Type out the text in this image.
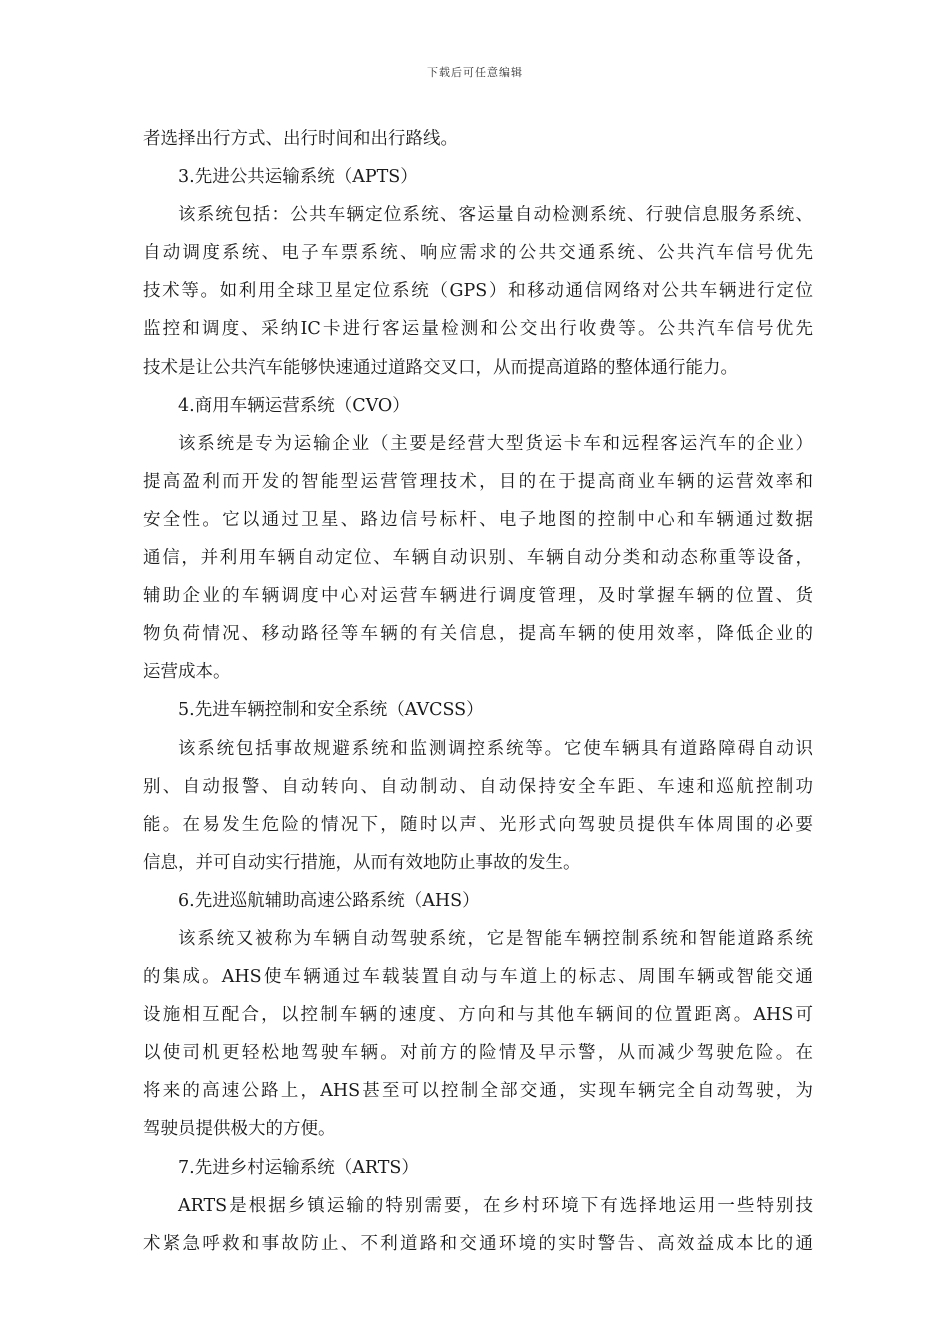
下载后可任意编辑
者选择出行方式、出行时间和出行路线。
3.先进公共运输系统（APTS）
该系统包括：公共车辆定位系统、客运量自动检测系统、行驶信息服务系统、
自动调度系统、电子车票系统、响应需求的公共交通系统、公共汽车信号优先
技术等。如利用全球卫星定位系统（GPS）和移动通信网络对公共车辆进行定位
监控和调度、采纳IC卡进行客运量检测和公交出行收费等。公共汽车信号优先
技术是让公共汽车能够快速通过道路交叉口，从而提高道路的整体通行能力。
4.商用车辆运营系统（CVO）
该系统是专为运输企业（主要是经营大型货运卡车和远程客运汽车的企业）
提高盈利而开发的智能型运营管理技术，目的在于提高商业车辆的运营效率和
安全性。它以通过卫星、路边信号标杆、电子地图的控制中心和车辆通过数据
通信，并利用车辆自动定位、车辆自动识别、车辆自动分类和动态称重等设备，
辅助企业的车辆调度中心对运营车辆进行调度管理，及时掌握车辆的位置、货
物负荷情况、移动路径等车辆的有关信息，提高车辆的使用效率，降低企业的
运营成本。
5.先进车辆控制和安全系统（AVCSS）
该系统包括事故规避系统和监测调控系统等。它使车辆具有道路障碍自动识
别、自动报警、自动转向、自动制动、自动保持安全车距、车速和巡航控制功
能。在易发生危险的情况下，随时以声、光形式向驾驶员提供车体周围的必要
信息，并可自动实行措施，从而有效地防止事故的发生。
6.先进巡航辅助高速公路系统（AHS）
该系统又被称为车辆自动驾驶系统，它是智能车辆控制系统和智能道路系统
的集成。AHS使车辆通过车载装置自动与车道上的标志、周围车辆或智能交通
设施相互配合，以控制车辆的速度、方向和与其他车辆间的位置距离。AHS可
以使司机更轻松地驾驶车辆。对前方的险情及早示警，从而减少驾驶危险。在
将来的高速公路上，AHS甚至可以控制全部交通，实现车辆完全自动驾驶，为
驾驶员提供极大的方便。
7.先进乡村运输系统（ARTS）
ARTS是根据乡镇运输的特别需要，在乡村环境下有选择地运用一些特别技
术紧急呼救和事故防止、不利道路和交通环境的实时警告、高效益成本比的通
